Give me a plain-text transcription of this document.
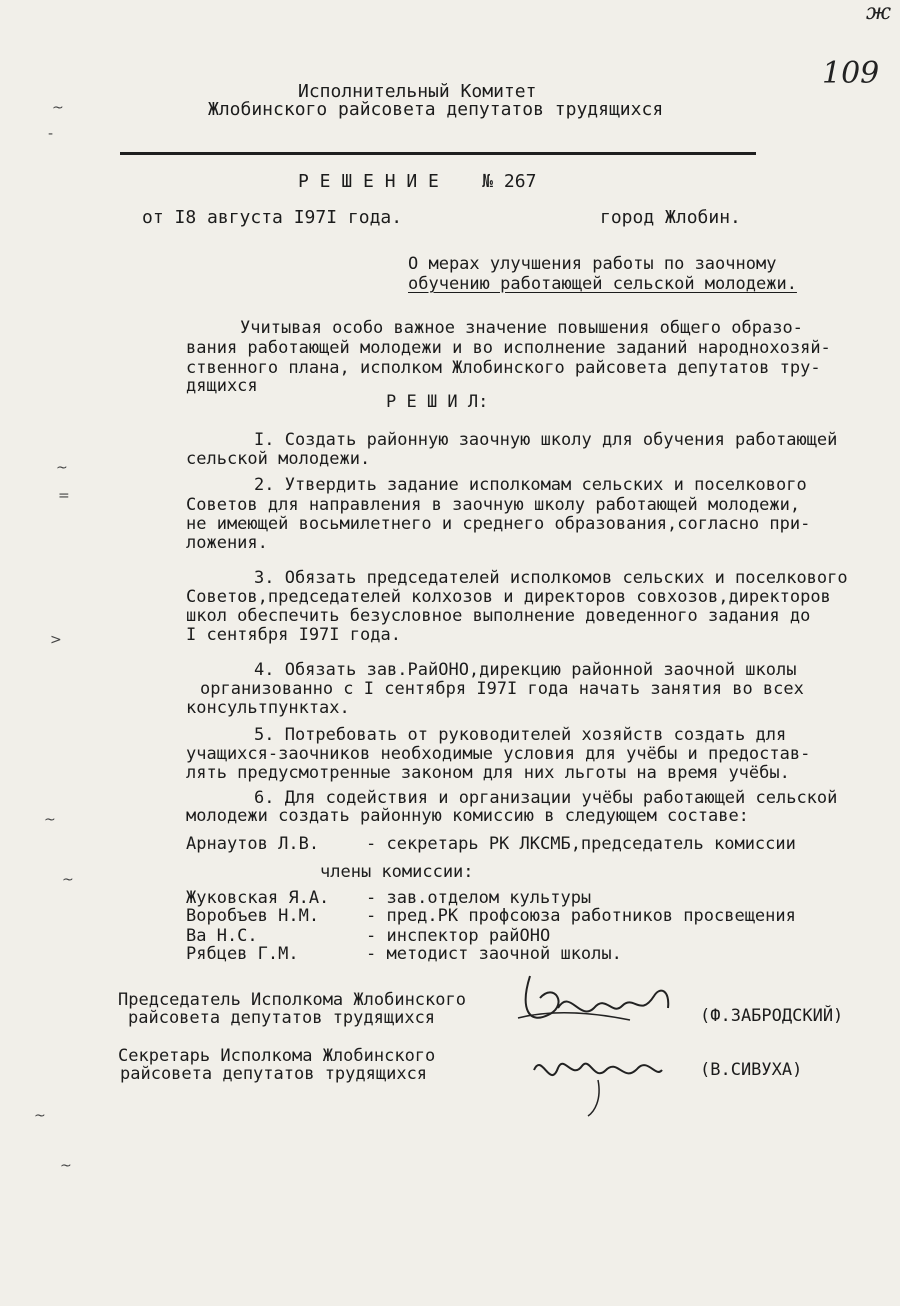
ж
109
Исполнительный Комитет
Жлобинского райсовета депутатов трудящихся
Р Е Ш Е Н И Е    № 267
от I8 августа I97I года.	город Жлобин.
О мерах улучшения работы по заочному
обучению работающей сельской молодежи.
Учитывая особо важное значение повышения общего образо-
вания работающей молодежи и во исполнение заданий народнохозяй-
ственного плана, исполком Жлобинского райсовета депутатов тру-
дящихся
Р Е Ш И Л:
I. Создать районную заочную школу для обучения работающей
сельской молодежи.
2. Утвердить задание исполкомам сельских и поселкового
Советов для направления в заочную школу работающей молодежи,
не имеющей восьмилетнего и среднего образования,согласно при-
ложения.
3. Обязать председателей исполкомов сельских и поселкового
Советов,председателей колхозов и директоров совхозов,директоров
школ обеспечить безусловное выполнение доведенного задания до
I сентября I97I года.
4. Обязать зав.РайОНО,дирекцию районной заочной школы
организованно с I сентября I97I года начать занятия во всех
консультпунктах.
5. Потребовать от руководителей хозяйств создать для
учащихся-заочников необходимые условия для учёбы и предостав-
лять предусмотренные законом для них льготы на время учёбы.
6. Для содействия и организации учёбы работающей сельской
молодежи создать районную комиссию в следующем составе:
Арнаутов Л.В.	- секретарь РК ЛКСМБ,председатель комиссии
члены комиссии:
Жуковская Я.А. - зав.отделом культуры
Воробъев Н.М.	- пред.РК профсоюза работников просвещения
Ва Н.С.	- инспектор райОНО
Рябцев Г.М.	- методист заочной школы.
Председатель Исполкома Жлобинского
райсовета депутатов трудящихся	(Ф.ЗАБРОДСКИЙ)
Секретарь Исполкома Жлобинского
райсовета депутатов трудящихся	(В.СИВУХА)
~
-
~
=
>
~
~
~
~
